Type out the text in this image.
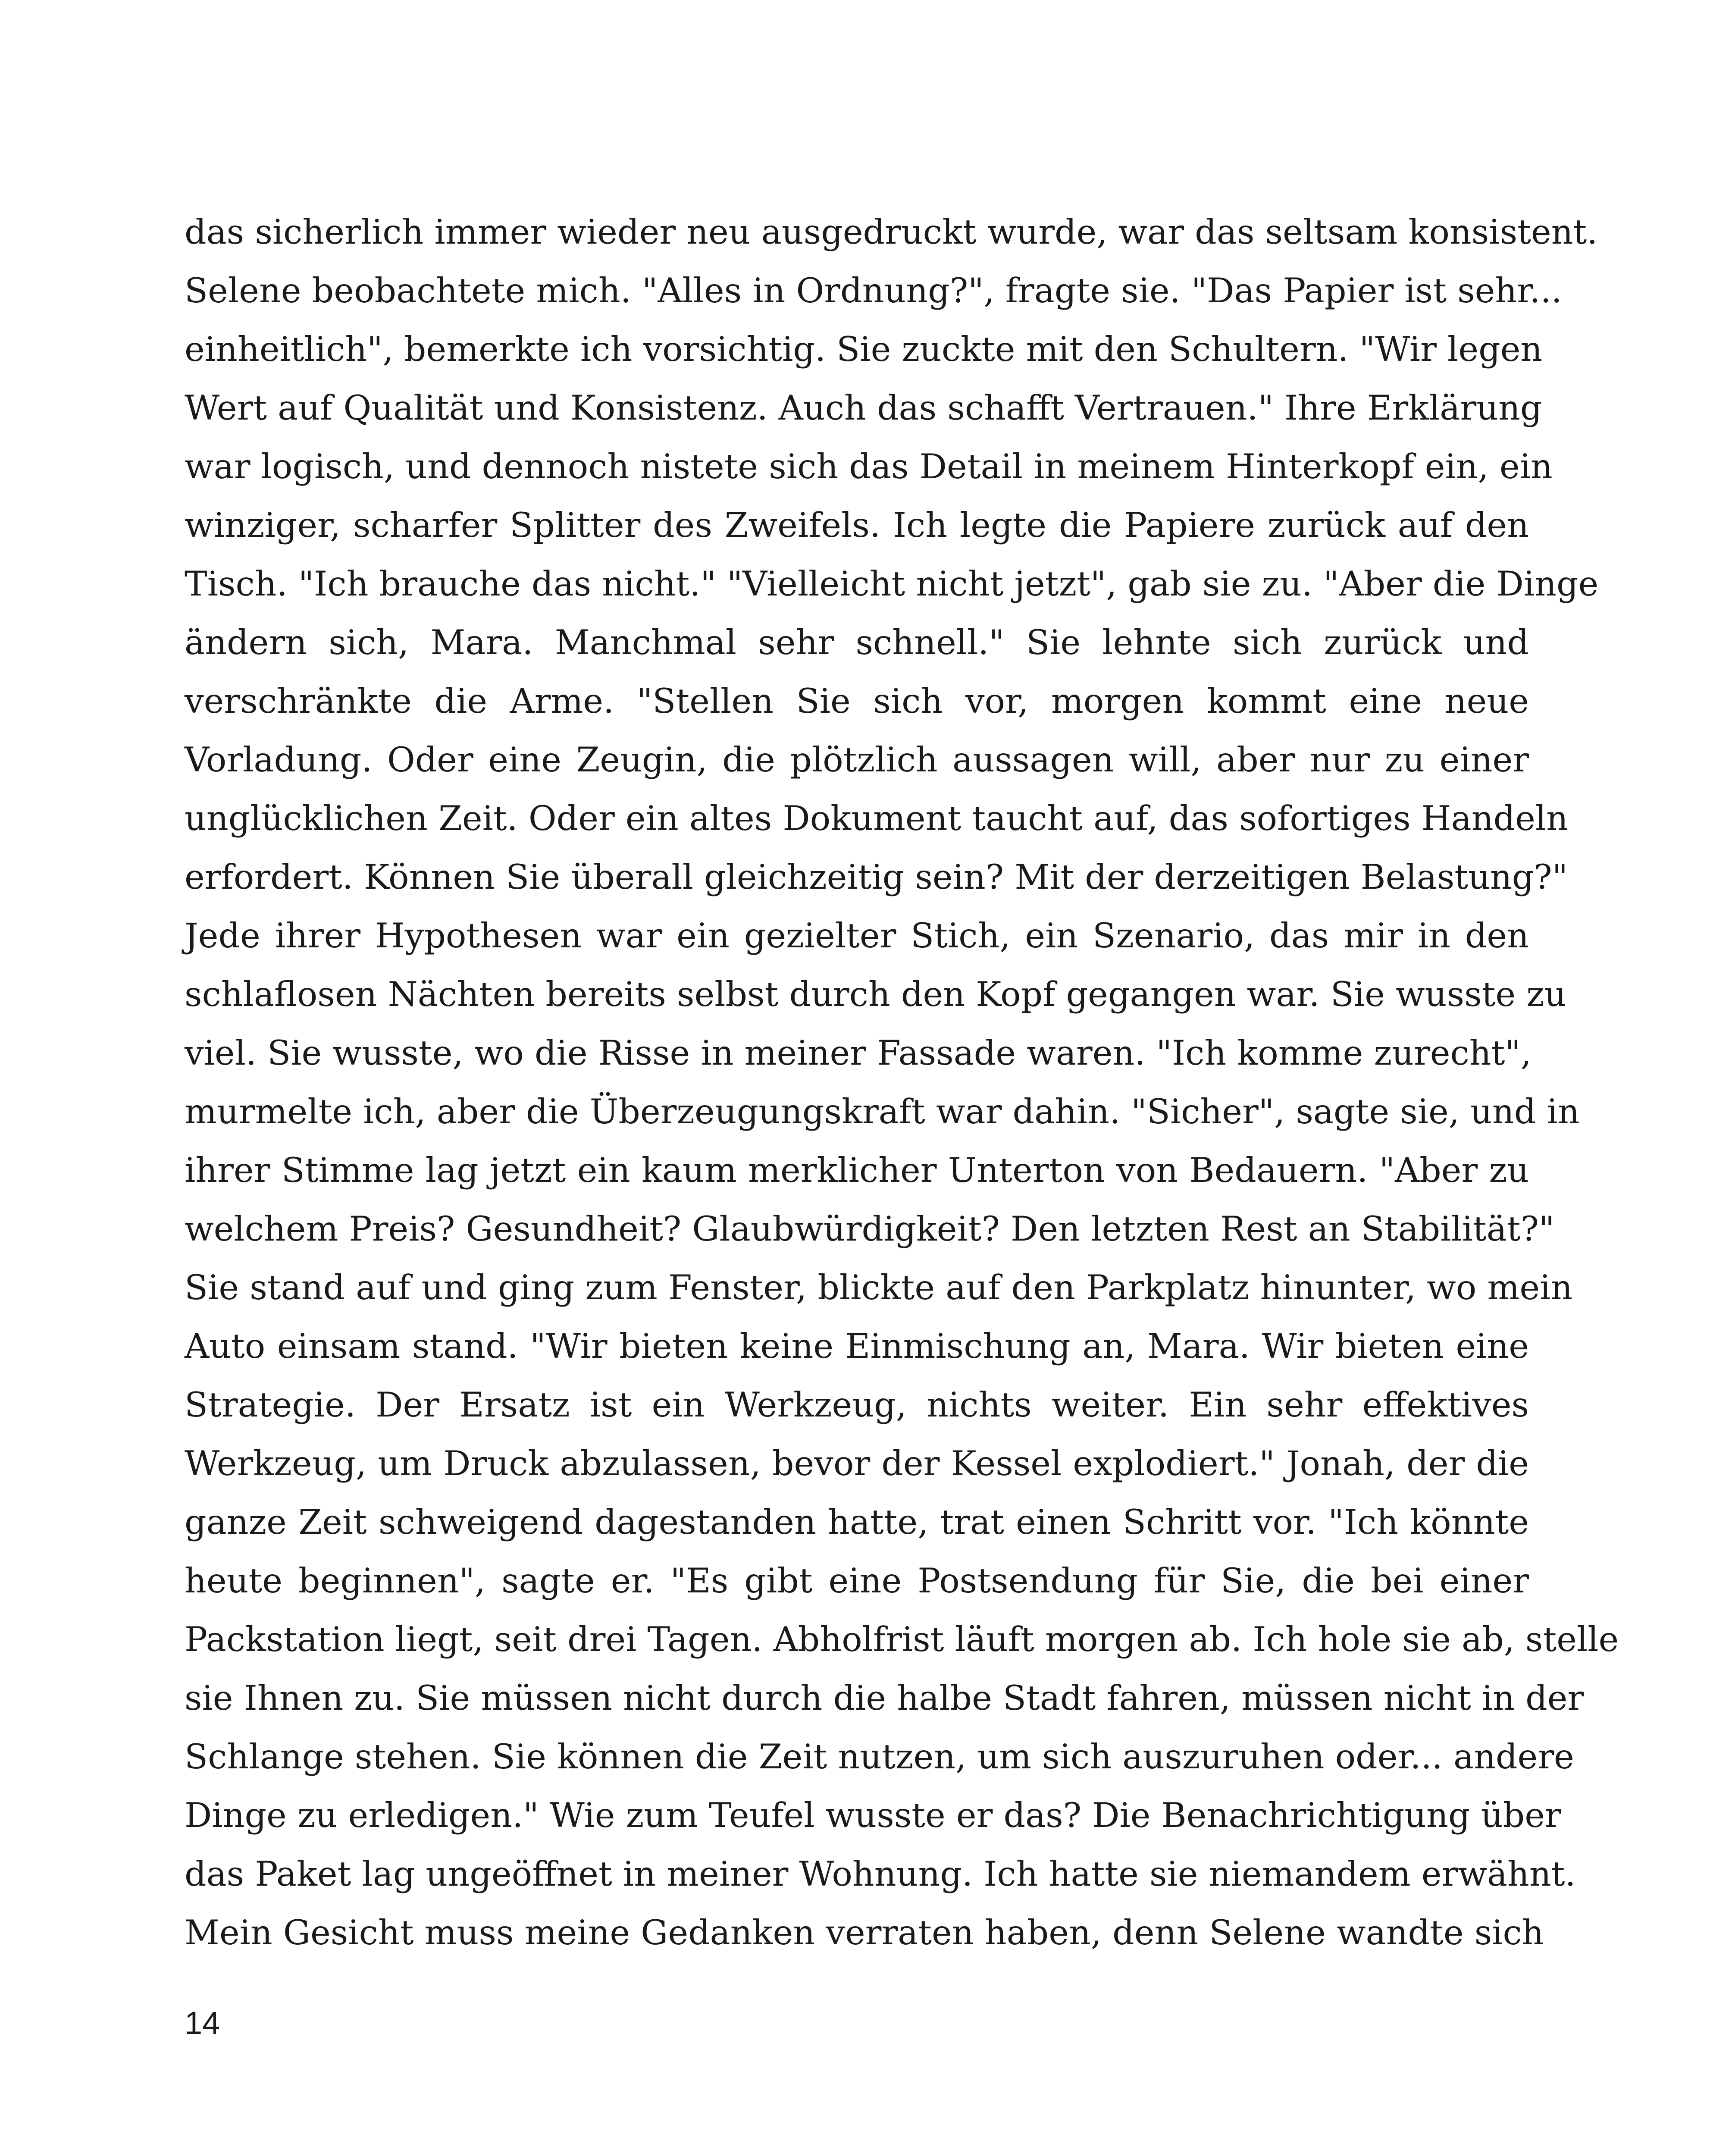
das sicherlich immer wieder neu ausgedruckt wurde, war das seltsam konsistent.
Selene beobachtete mich. "Alles in Ordnung?", fragte sie. "Das Papier ist sehr...
einheitlich", bemerkte ich vorsichtig. Sie zuckte mit den Schultern. "Wir legen
Wert auf Qualität und Konsistenz. Auch das schafft Vertrauen." Ihre Erklärung
war logisch, und dennoch nistete sich das Detail in meinem Hinterkopf ein, ein
winziger, scharfer Splitter des Zweifels. Ich legte die Papiere zurück auf den
Tisch. "Ich brauche das nicht." "Vielleicht nicht jetzt", gab sie zu. "Aber die Dinge
ändern sich, Mara. Manchmal sehr schnell." Sie lehnte sich zurück und
verschränkte die Arme. "Stellen Sie sich vor, morgen kommt eine neue
Vorladung. Oder eine Zeugin, die plötzlich aussagen will, aber nur zu einer
unglücklichen Zeit. Oder ein altes Dokument taucht auf, das sofortiges Handeln
erfordert. Können Sie überall gleichzeitig sein? Mit der derzeitigen Belastung?"
Jede ihrer Hypothesen war ein gezielter Stich, ein Szenario, das mir in den
schlaflosen Nächten bereits selbst durch den Kopf gegangen war. Sie wusste zu
viel. Sie wusste, wo die Risse in meiner Fassade waren. "Ich komme zurecht",
murmelte ich, aber die Überzeugungskraft war dahin. "Sicher", sagte sie, und in
ihrer Stimme lag jetzt ein kaum merklicher Unterton von Bedauern. "Aber zu
welchem Preis? Gesundheit? Glaubwürdigkeit? Den letzten Rest an Stabilität?"
Sie stand auf und ging zum Fenster, blickte auf den Parkplatz hinunter, wo mein
Auto einsam stand. "Wir bieten keine Einmischung an, Mara. Wir bieten eine
Strategie. Der Ersatz ist ein Werkzeug, nichts weiter. Ein sehr effektives
Werkzeug, um Druck abzulassen, bevor der Kessel explodiert." Jonah, der die
ganze Zeit schweigend dagestanden hatte, trat einen Schritt vor. "Ich könnte
heute beginnen", sagte er. "Es gibt eine Postsendung für Sie, die bei einer
Packstation liegt, seit drei Tagen. Abholfrist läuft morgen ab. Ich hole sie ab, stelle
sie Ihnen zu. Sie müssen nicht durch die halbe Stadt fahren, müssen nicht in der
Schlange stehen. Sie können die Zeit nutzen, um sich auszuruhen oder... andere
Dinge zu erledigen." Wie zum Teufel wusste er das? Die Benachrichtigung über
das Paket lag ungeöffnet in meiner Wohnung. Ich hatte sie niemandem erwähnt.
Mein Gesicht muss meine Gedanken verraten haben, denn Selene wandte sich
14
